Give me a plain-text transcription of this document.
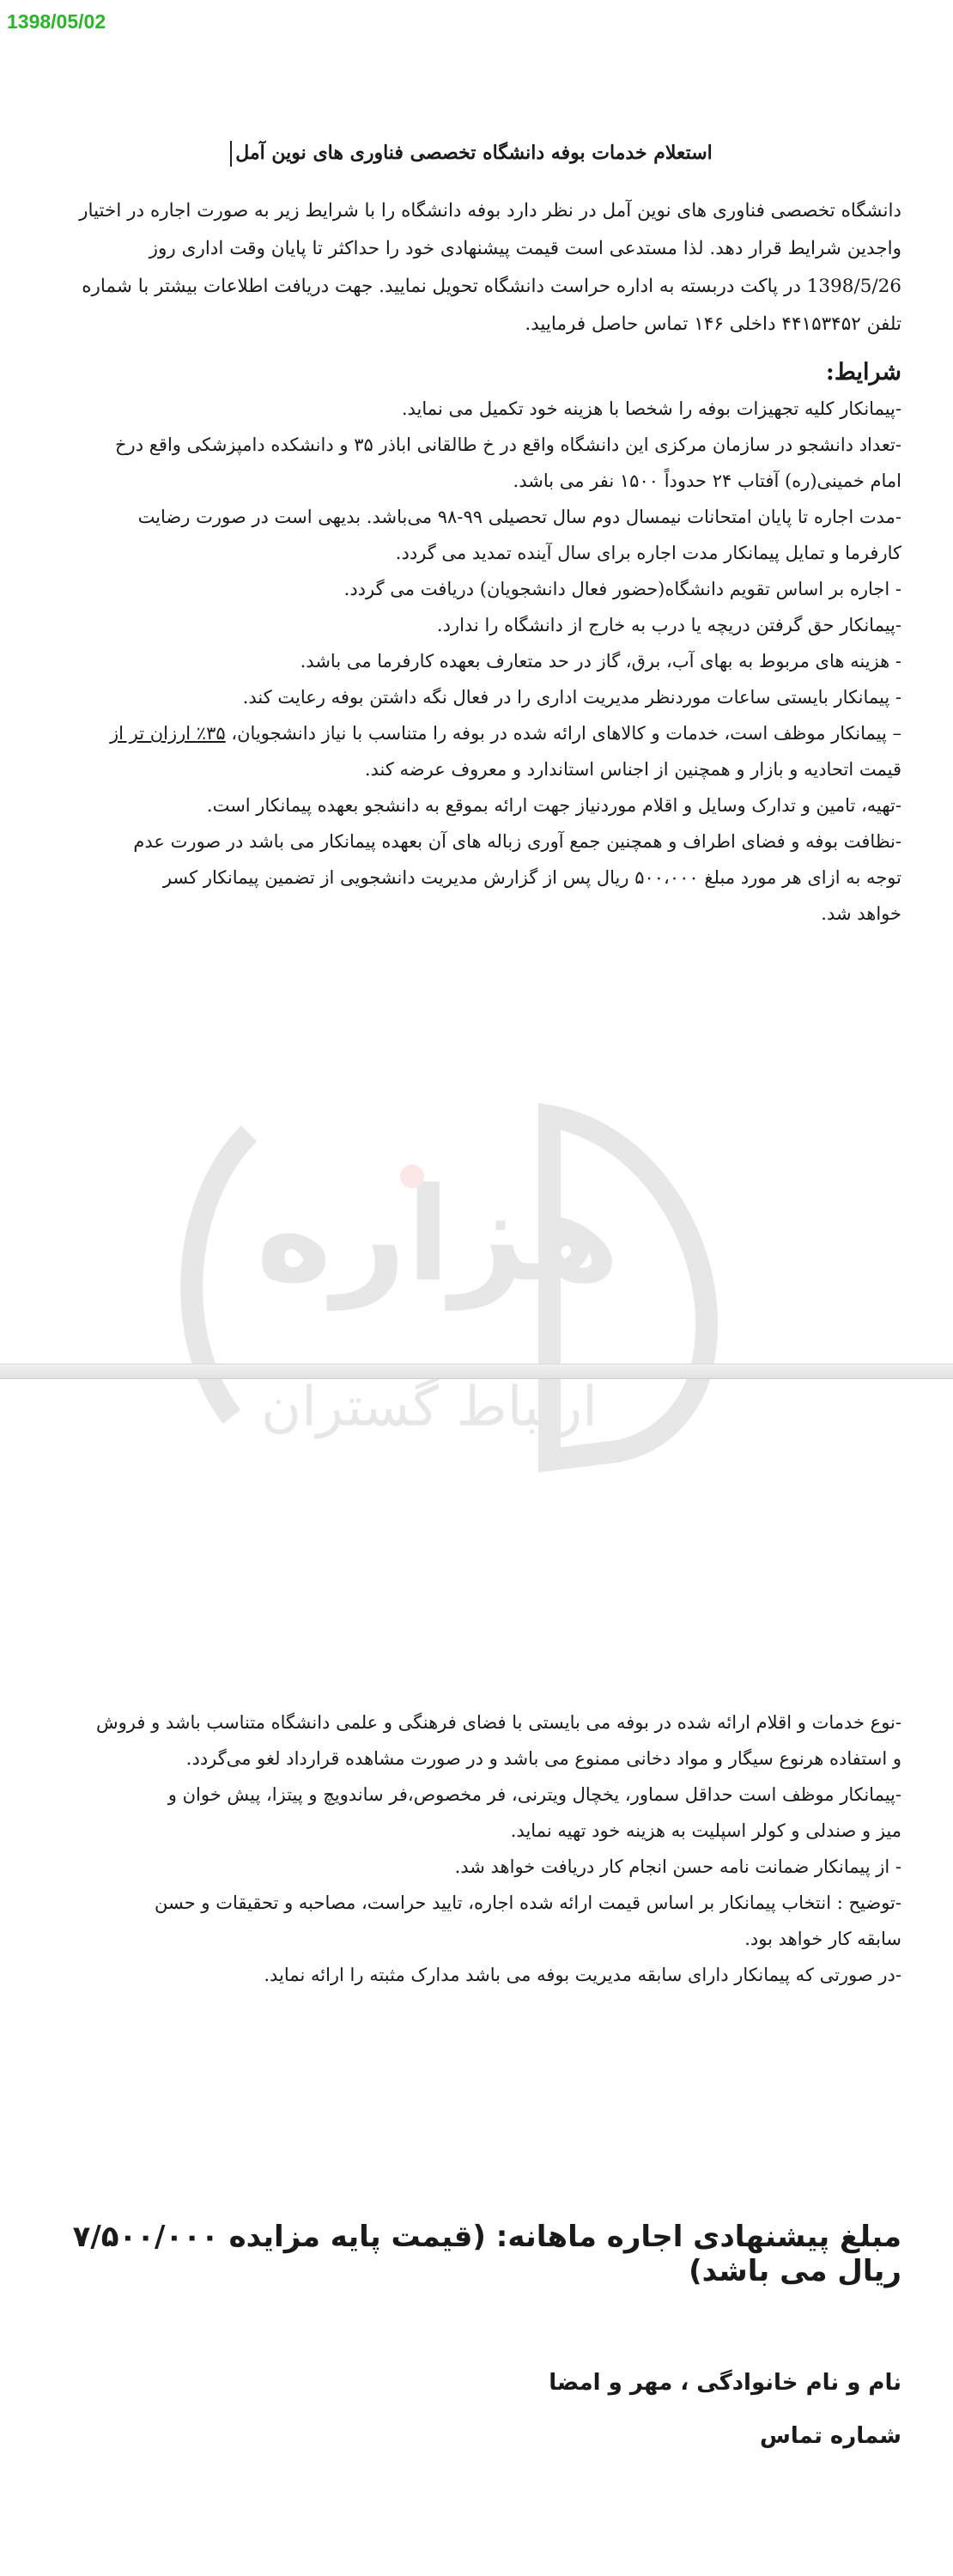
1398/05/02
هزاره
ارتباط گستران
استعلام خدمات بوفه دانشگاه تخصصی فناوری های نوین آمل

دانشگاه تخصصی فناوری های نوین آمل در نظر دارد بوفه دانشگاه را با شرایط زیر به صورت اجاره در اختیار

واجدین شرایط قرار دهد. لذا مستدعی است قیمت پیشنهادی خود را حداکثر تا پایان وقت اداری روز

1398/5/26 در پاکت دربسته به اداره حراست دانشگاه تحویل نمایید. جهت دریافت اطلاعات بیشتر با شماره

تلفن ۴۴۱۵۳۴۵۲ داخلی ۱۴۶ تماس حاصل فرمایید.

شرایط:

-پیمانکار کلیه تجهیزات بوفه را شخصا با هزینه خود تکمیل می نماید.

-تعداد دانشجو در سازمان مرکزی این دانشگاه واقع در خ طالقانی اباذر ۳۵ و دانشکده دامپزشکی واقع درخ

امام خمینی(ره) آفتاب ۲۴ حدوداً ۱۵۰۰ نفر می باشد.

-مدت اجاره تا پایان امتحانات نیمسال دوم سال تحصیلی ۹۹-۹۸ می‌باشد. بدیهی است در صورت رضایت

کارفرما و تمایل پیمانکار مدت اجاره برای سال آینده تمدید می گردد.

- اجاره بر اساس تقویم دانشگاه(حضور فعال دانشجویان) دریافت می گردد.

-پیمانکار حق گرفتن دریچه یا درب به خارج از دانشگاه را ندارد.

- هزینه های مربوط به بهای آب، برق، گاز در حد متعارف بعهده کارفرما می باشد.

- پیمانکار بایستی ساعات موردنظر مدیریت اداری را در فعال نگه داشتن بوفه رعایت کند.

– پیمانکار موظف است، خدمات و کالاهای ارائه شده در بوفه را متناسب با نیاز دانشجویان، ۳۵٪ ارزان تر از

قیمت اتحادیه و بازار و همچنین از اجناس استاندارد و معروف عرضه کند.

-تهیه، تامین و تدارک وسایل و اقلام موردنیاز جهت ارائه بموقع به دانشجو بعهده پیمانکار است.

-نظافت بوفه و فضای اطراف و همچنین جمع آوری زباله های آن بعهده پیمانکار می باشد در صورت عدم

توجه به ازای هر مورد مبلغ ۵۰۰،۰۰۰ ریال پس از گزارش مدیریت دانشجویی از تضمین پیمانکار کسر

خواهد شد.

-نوع خدمات و اقلام ارائه شده در بوفه می بایستی با فضای فرهنگی و علمی دانشگاه متناسب باشد و فروش

و استفاده هرنوع سیگار و مواد دخانی ممنوع می باشد و در صورت مشاهده قرارداد لغو می‌گردد.

-پیمانکار موظف است حداقل سماور، یخچال ویترنی، فر مخصوص،فر ساندویچ و پیتزا، پیش خوان و

میز و صندلی و کولر اسپلیت به هزینه خود تهیه نماید.

- از پیمانکار ضمانت نامه حسن انجام کار دریافت خواهد شد.

-توضیح : انتخاب پیمانکار بر اساس قیمت ارائه شده اجاره، تایید حراست، مصاحبه و تحقیقات و حسن

سابقه کار خواهد بود.

-در صورتی که پیمانکار دارای سابقه مدیریت بوفه می باشد مدارک مثبته را ارائه نماید.

مبلغ پیشنهادی اجاره ماهانه: (قیمت پایه مزایده ۷/۵۰۰/۰۰۰ ریال می باشد)
نام و نام خانوادگی ، مهر و امضا
شماره تماس
